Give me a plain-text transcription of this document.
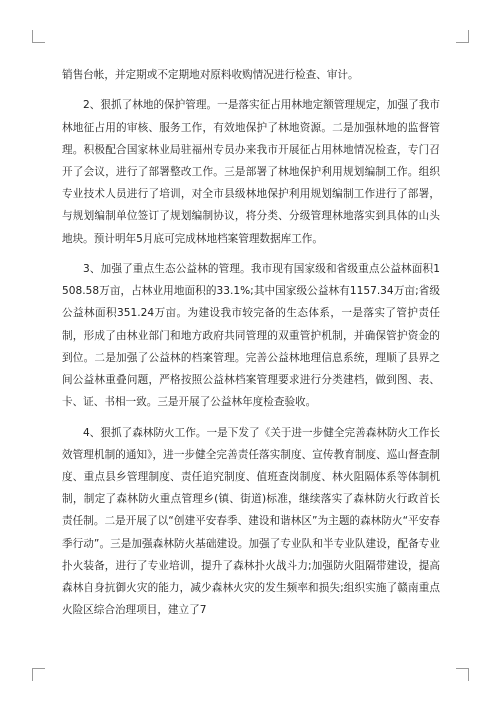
销售台帐，并定期或不定期地对原料收购情况进行检查、审计。

2、狠抓了林地的保护管理。一是落实征占用林地定额管理规定，加强了我市林地征占用的审核、服务工作，有效地保护了林地资源。二是加强林地的监督管理。积极配合国家林业局驻福州专员办来我市开展征占用林地情况检查，专门召开了会议，进行了部署整改工作。三是部署了林地保护利用规划编制工作。组织专业技术人员进行了培训，对全市县级林地保护利用规划编制工作进行了部署，与规划编制单位签订了规划编制协议，将分类、分级管理林地落实到具体的山头地块。预计明年5月底可完成林地档案管理数据库工作。

3、加强了重点生态公益林的管理。我市现有国家级和省级重点公益林面积1508.58万亩，占林业用地面积的33.1%;其中国家级公益林有1157.34万亩;省级公益林面积351.24万亩。为建设我市较完备的生态体系，一是落实了管护责任制，形成了由林业部门和地方政府共同管理的双重管护机制，并确保管护资金的到位。二是加强了公益林的档案管理。完善公益林地理信息系统，理顺了县界之间公益林重叠问题，严格按照公益林档案管理要求进行分类建档，做到图、表、卡、证、书相一致。三是开展了公益林年度检查验收。

4、狠抓了森林防火工作。一是下发了《关于进一步健全完善森林防火工作长效管理机制的通知》，进一步健全完善责任落实制度、宣传教育制度、巡山督查制度、重点县乡管理制度、责任追究制度、值班查岗制度、林火阻隔体系等体制机制，制定了森林防火重点管理乡(镇、街道)标准，继续落实了森林防火行政首长责任制。二是开展了以“创建平安春季、建设和谐林区”为主题的森林防火“平安春季行动”。三是加强森林防火基础建设。加强了专业队和半专业队建设，配备专业扑火装备，进行了专业培训，提升了森林扑火战斗力;加强防火阻隔带建设，提高森林自身抗御火灾的能力，减少森林火灾的发生频率和损失;组织实施了赣南重点火险区综合治理项目，建立了7
